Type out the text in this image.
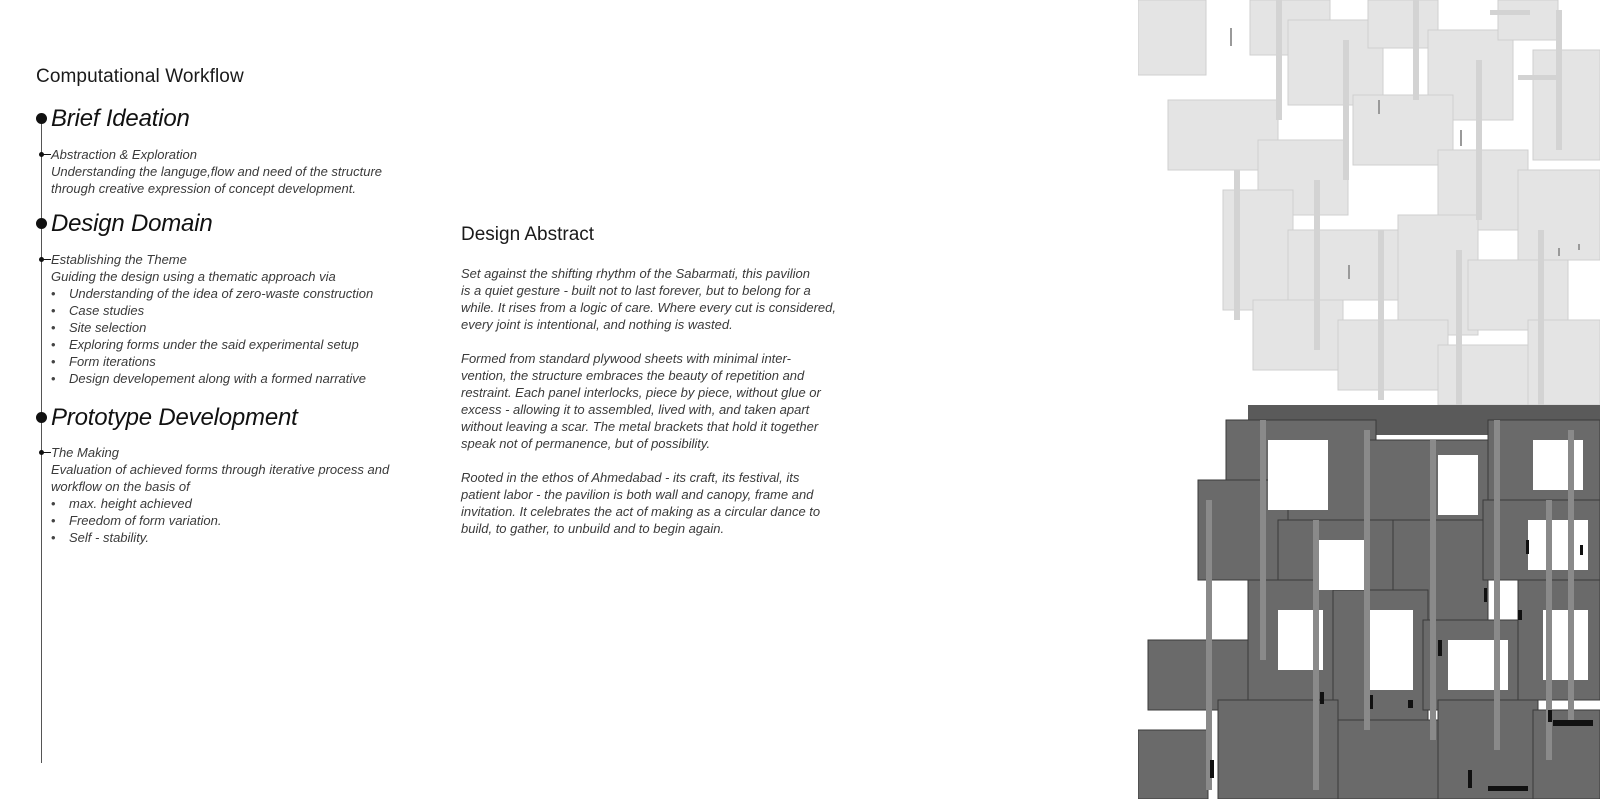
Computational Workflow
Brief Ideation
Abstraction & Exploration
Understanding the languge,flow and need of the structure
through creative expression of concept development.
Design Domain
Establishing the Theme
Guiding the design using a thematic approach via
• Understanding of the idea of zero-waste construction
• Case studies
• Site selection
• Exploring forms under the said experimental setup
• Form iterations
• Design developement along with a formed narrative
Prototype Development
The Making
Evaluation of achieved forms through iterative process and
workflow on the basis of
• max. height achieved
• Freedom of form variation.
• Self - stability.
Design Abstract

Set against the shifting rhythm of the Sabarmati, this pavilion
is a quiet gesture - built not to last forever, but to belong for a
while. It rises from a logic of care. Where every cut is considered,
every joint is intentional, and nothing is wasted.

Formed from standard plywood sheets with minimal inter-
vention, the structure embraces the beauty of repetition and
restraint. Each panel interlocks, piece by piece, without glue or
excess - allowing it to assembled, lived with, and taken apart
without leaving a scar. The metal brackets that hold it together
speak not of permanence, but of possibility.

Rooted in the ethos of Ahmedabad - its craft, its festival, its
patient labor - the pavilion is both wall and canopy, frame and
invitation. It celebrates the act of making as a circular dance to
build, to gather, to unbuild and to begin again.
